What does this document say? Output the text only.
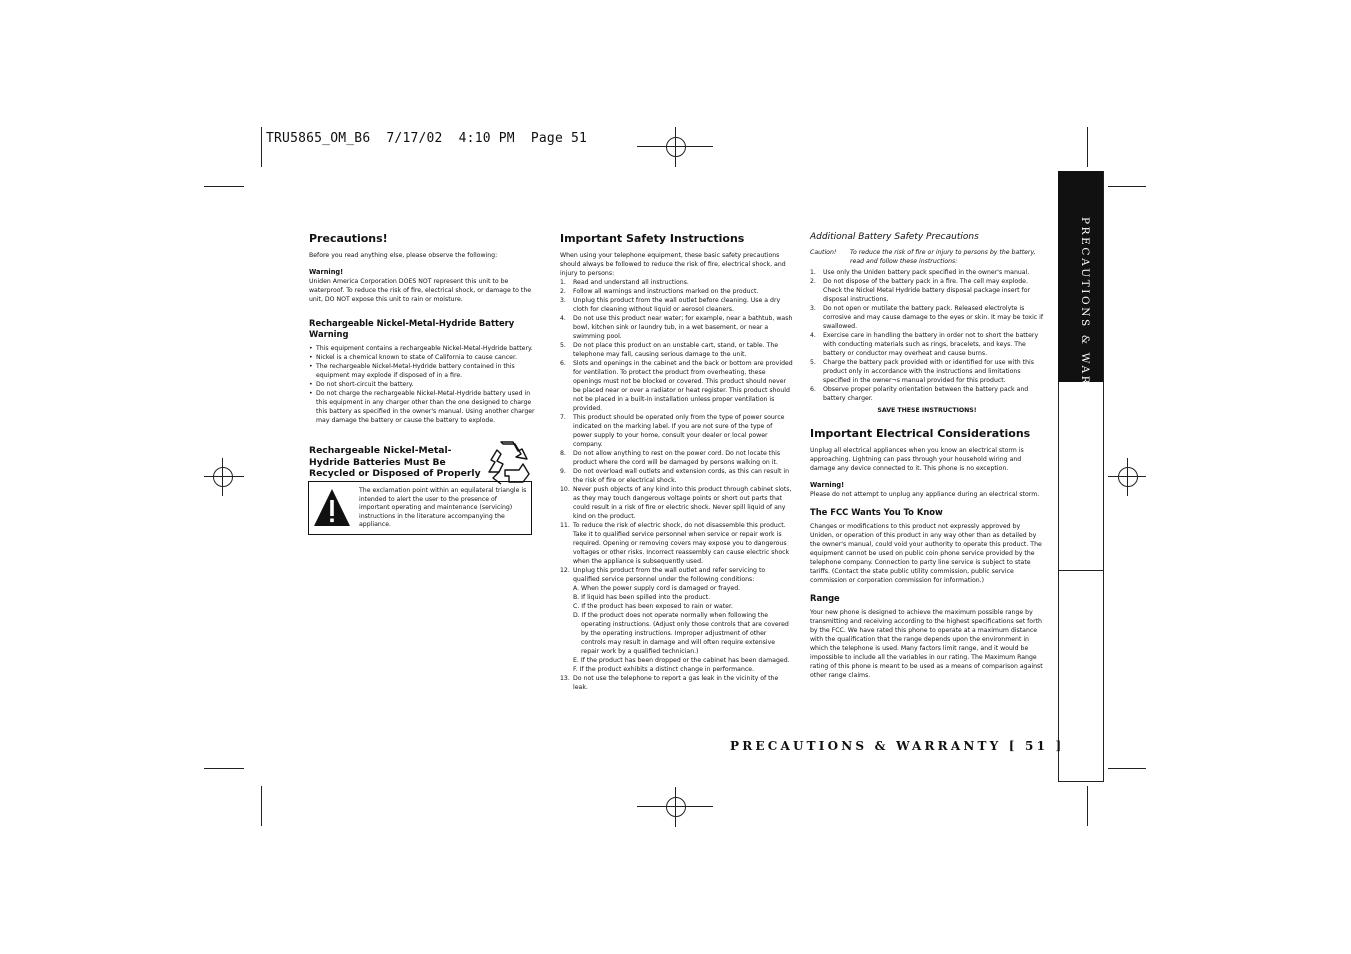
TRU5865_OM_B6  7/17/02  4:10 PM  Page 51
PRECAUTIONS & WARRANTY
Precautions!

Before you read anything else, please observe the following:

Warning!

Uniden America Corporation DOES NOT represent this unit to be waterproof. To reduce the risk of fire, electrical shock, or damage to the unit, DO NOT expose this unit to rain or moisture.

Rechargeable Nickel-Metal-Hydride Battery Warning
• This equipment contains a rechargeable Nickel-Metal-Hydride battery.
• Nickel is a chemical known to state of California to cause cancer.
• The rechargeable Nickel-Metal-Hydride battery contained in this equipment may explode if disposed of in a fire.
• Do not short-circuit the battery.
• Do not charge the rechargeable Nickel-Metal-Hydride battery used in this equipment in any charger other than the one designed to charge this battery as specified in the owner's manual. Using another charger may damage the battery or cause the battery to explode.
Rechargeable Nickel-Metal-Hydride Batteries Must Be Recycled or Disposed of Properly
The exclamation point within an equilateral triangle is intended to alert the user to the presence of important operating and maintenance (servicing) instructions in the literature accompanying the appliance.
Important Safety Instructions

When using your telephone equipment, these basic safety precautions should always be followed to reduce the risk of fire, electrical shock, and injury to persons:

1. Read and understand all instructions.
2. Follow all warnings and instructions marked on the product.
3. Unplug this product from the wall outlet before cleaning. Use a dry cloth for cleaning without liquid or aerosol cleaners.
4. Do not use this product near water; for example, near a bathtub, wash bowl, kitchen sink or laundry tub, in a wet basement, or near a swimming pool.
5. Do not place this product on an unstable cart, stand, or table. The telephone may fall, causing serious damage to the unit.
6. Slots and openings in the cabinet and the back or bottom are provided for ventilation. To protect the product from overheating, these openings must not be blocked or covered. This product should never be placed near or over a radiator or heat register. This product should not be placed in a built-in installation unless proper ventilation is provided.
7. This product should be operated only from the type of power source indicated on the marking label. If you are not sure of the type of power supply to your home, consult your dealer or local power company.
8. Do not allow anything to rest on the power cord. Do not locate this product where the cord will be damaged by persons walking on it.
9. Do not overload wall outlets and extension cords, as this can result in the risk of fire or electrical shock.
10. Never push objects of any kind into this product through cabinet slots, as they may touch dangerous voltage points or short out parts that could result in a risk of fire or electric shock. Never spill liquid of any kind on the product.
11. To reduce the risk of electric shock, do not disassemble this product. Take it to qualified service personnel when service or repair work is required. Opening or removing covers may expose you to dangerous voltages or other risks. Incorrect reassembly can cause electric shock when the appliance is subsequently used.
12. Unplug this product from the wall outlet and refer servicing to qualified service personnel under the following conditions:
A. When the power supply cord is damaged or frayed.
B. If liquid has been spilled into the product.
C. If the product has been exposed to rain or water.
D. If the product does not operate normally when following the operating instructions. (Adjust only those controls that are covered by the operating instructions. Improper adjustment of other controls may result in damage and will often require extensive repair work by a qualified technician.)
E. If the product has been dropped or the cabinet has been damaged.
F. If the product exhibits a distinct change in performance.
13. Do not use the telephone to report a gas leak in the vicinity of the leak.

Additional Battery Safety Precautions

Caution!	To reduce the risk of fire or injury to persons by the battery, read and follow these instructions:
1. Use only the Uniden battery pack specified in the owner's manual.
2. Do not dispose of the battery pack in a fire. The cell may explode. Check the Nickel Metal Hydride battery disposal package insert for disposal instructions.
3. Do not open or mutilate the battery pack. Released electrolyte is corrosive and may cause damage to the eyes or skin. It may be toxic if swallowed.
4. Exercise care in handling the battery in order not to short the battery with conducting materials such as rings, bracelets, and keys. The battery or conductor may overheat and cause burns.
5. Charge the battery pack provided with or identified for use with this product only in accordance with the instructions and limitations specified in the owner¬s manual provided for this product.
6. Observe proper polarity orientation between the battery pack and battery charger.

SAVE THESE INSTRUCTIONS!

Important Electrical Considerations

Unplug all electrical appliances when you know an electrical storm is approaching. Lightning can pass through your household wiring and damage any device connected to it. This phone is no exception.

Warning!

Please do not attempt to unplug any appliance during an electrical storm.

The FCC Wants You To Know

Changes or modifications to this product not expressly approved by Uniden, or operation of this product in any way other than as detailed by the owner's manual, could void your authority to operate this product. The equipment cannot be used on public coin phone service provided by the telephone company. Connection to party line service is subject to state tariffs. (Contact the state public utility commission, public service commission or corporation commission for information.)

Range

Your new phone is designed to achieve the maximum possible range by transmitting and receiving according to the highest specifications set forth by the FCC. We have rated this phone to operate at a maximum distance with the qualification that the range depends upon the environment in which the telephone is used. Many factors limit range, and it would be impossible to include all the variables in our rating. The Maximum Range rating of this phone is meant to be used as a means of comparison against other range claims.

PRECAUTIONS & WARRANTY [ 51 ]
